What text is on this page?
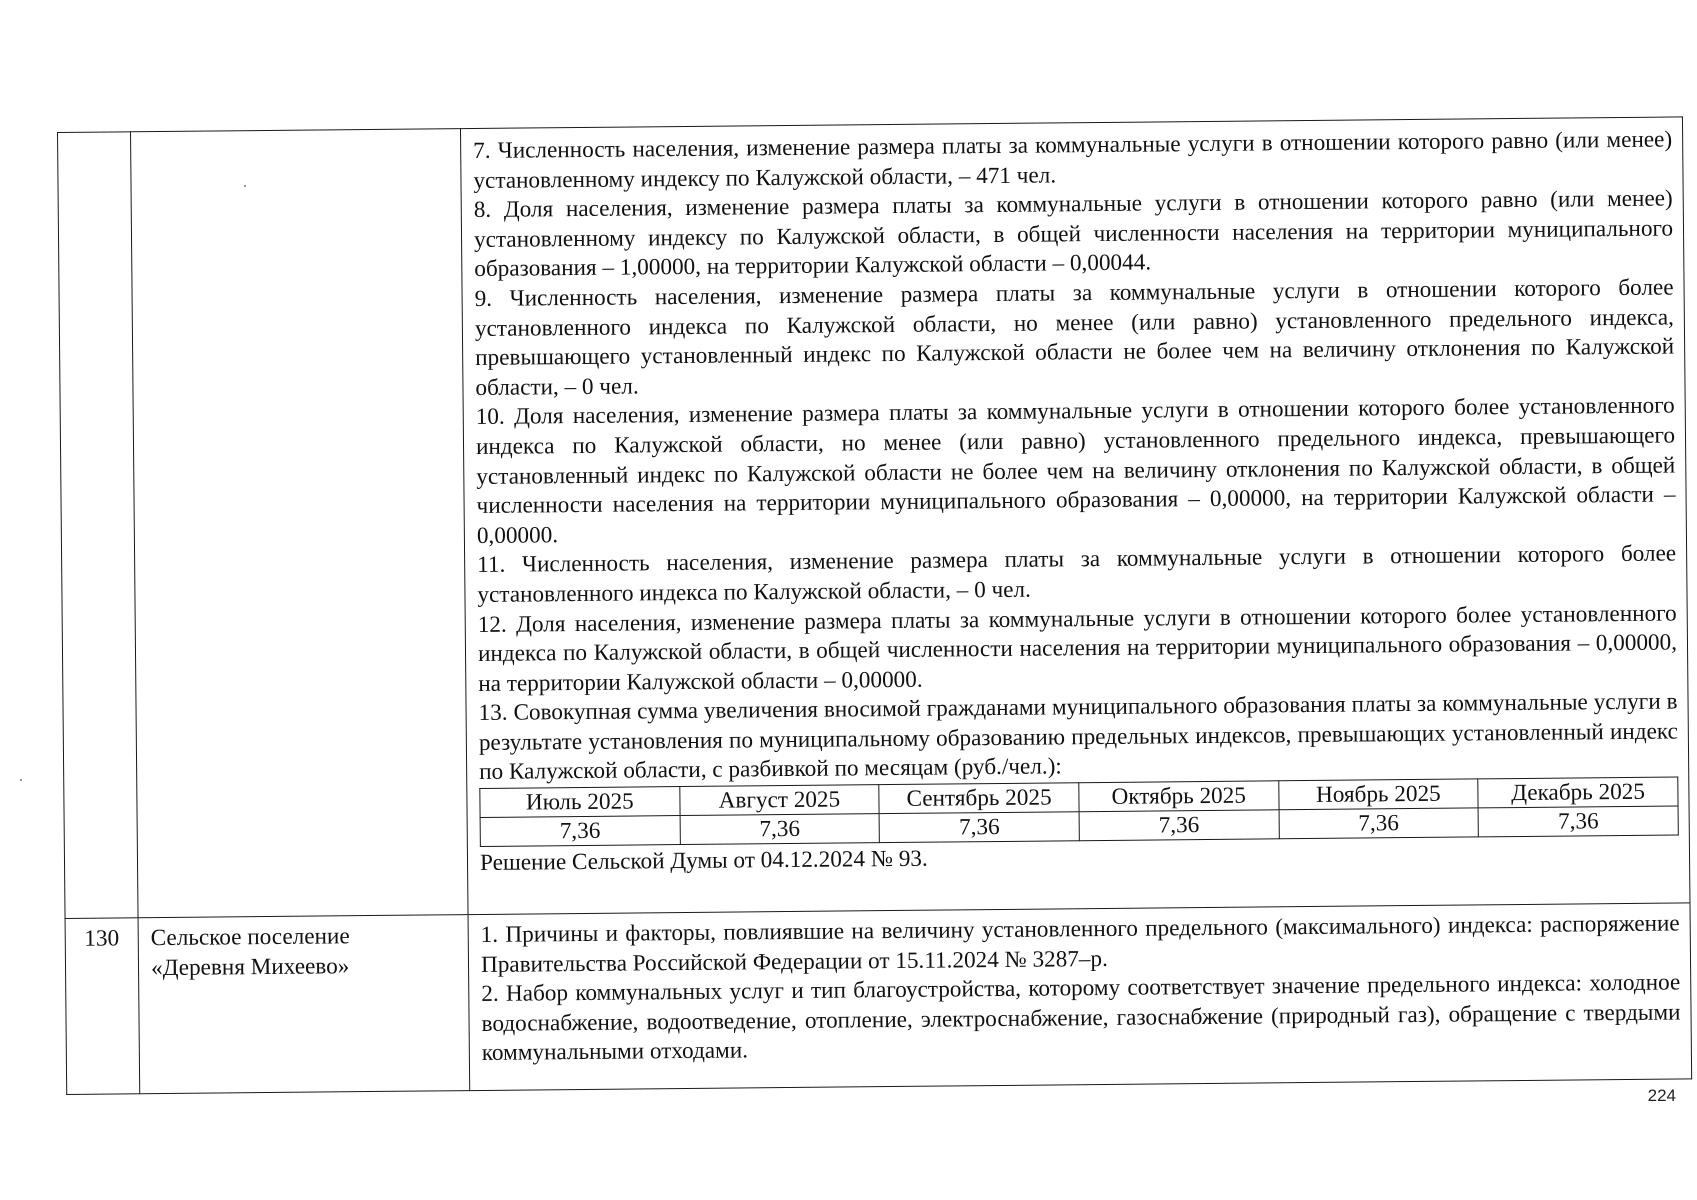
7. Численность населения, изменение размера платы за коммунальные услуги в отношении которого равно (или менее) установленному индексу по Калужской области, – 471 чел.

8. Доля населения, изменение размера платы за коммунальные услуги в отношении которого равно (или менее) установленному индексу по Калужской области, в общей численности населения на территории муниципального образования – 1,00000, на территории Калужской области – 0,00044.

9. Численность населения, изменение размера платы за коммунальные услуги в отношении которого более установленного индекса по Калужской области, но менее (или равно) установленного предельного индекса, превышающего установленный индекс по Калужской области не более чем на величину отклонения по Калужской области, – 0 чел.

10. Доля населения, изменение размера платы за коммунальные услуги в отношении которого более установленного индекса по Калужской области, но менее (или равно) установленного предельного индекса, превышающего установленный индекс по Калужской области не более чем на величину отклонения по Калужской области, в общей численности населения на территории муниципального образования – 0,00000, на территории Калужской области – 0,00000.

11. Численность населения, изменение размера платы за коммунальные услуги в отношении которого более установленного индекса по Калужской области, – 0 чел.

12. Доля населения, изменение размера платы за коммунальные услуги в отношении которого более установленного индекса по Калужской области, в общей численности населения на территории муниципального образования – 0,00000, на территории Калужской области – 0,00000.

13. Совокупная сумма увеличения вносимой гражданами муниципального образования платы за коммунальные услуги в результате установления по муниципальному образованию предельных индексов, превышающих установленный индекс по Калужской области, с разбивкой по месяцам (руб./чел.):

Июль 2025	Август 2025	Сентябрь 2025	Октябрь 2025	Ноябрь 2025	Декабрь 2025
7,36	7,36	7,36	7,36	7,36	7,36

Решение Сельской Думы от 04.12.2024 № 93.

130	Сельское поселение
«Деревня Михеево»

1. Причины и факторы, повлиявшие на величину установленного предельного (максимального) индекса: распоряжение Правительства Российской Федерации от 15.11.2024 № 3287–р.

2. Набор коммунальных услуг и тип благоустройства, которому соответствует значение предельного индекса: холодное водоснабжение, водоотведение, отопление, электроснабжение, газоснабжение (природный газ), обращение с твердыми коммунальными отходами.

224
